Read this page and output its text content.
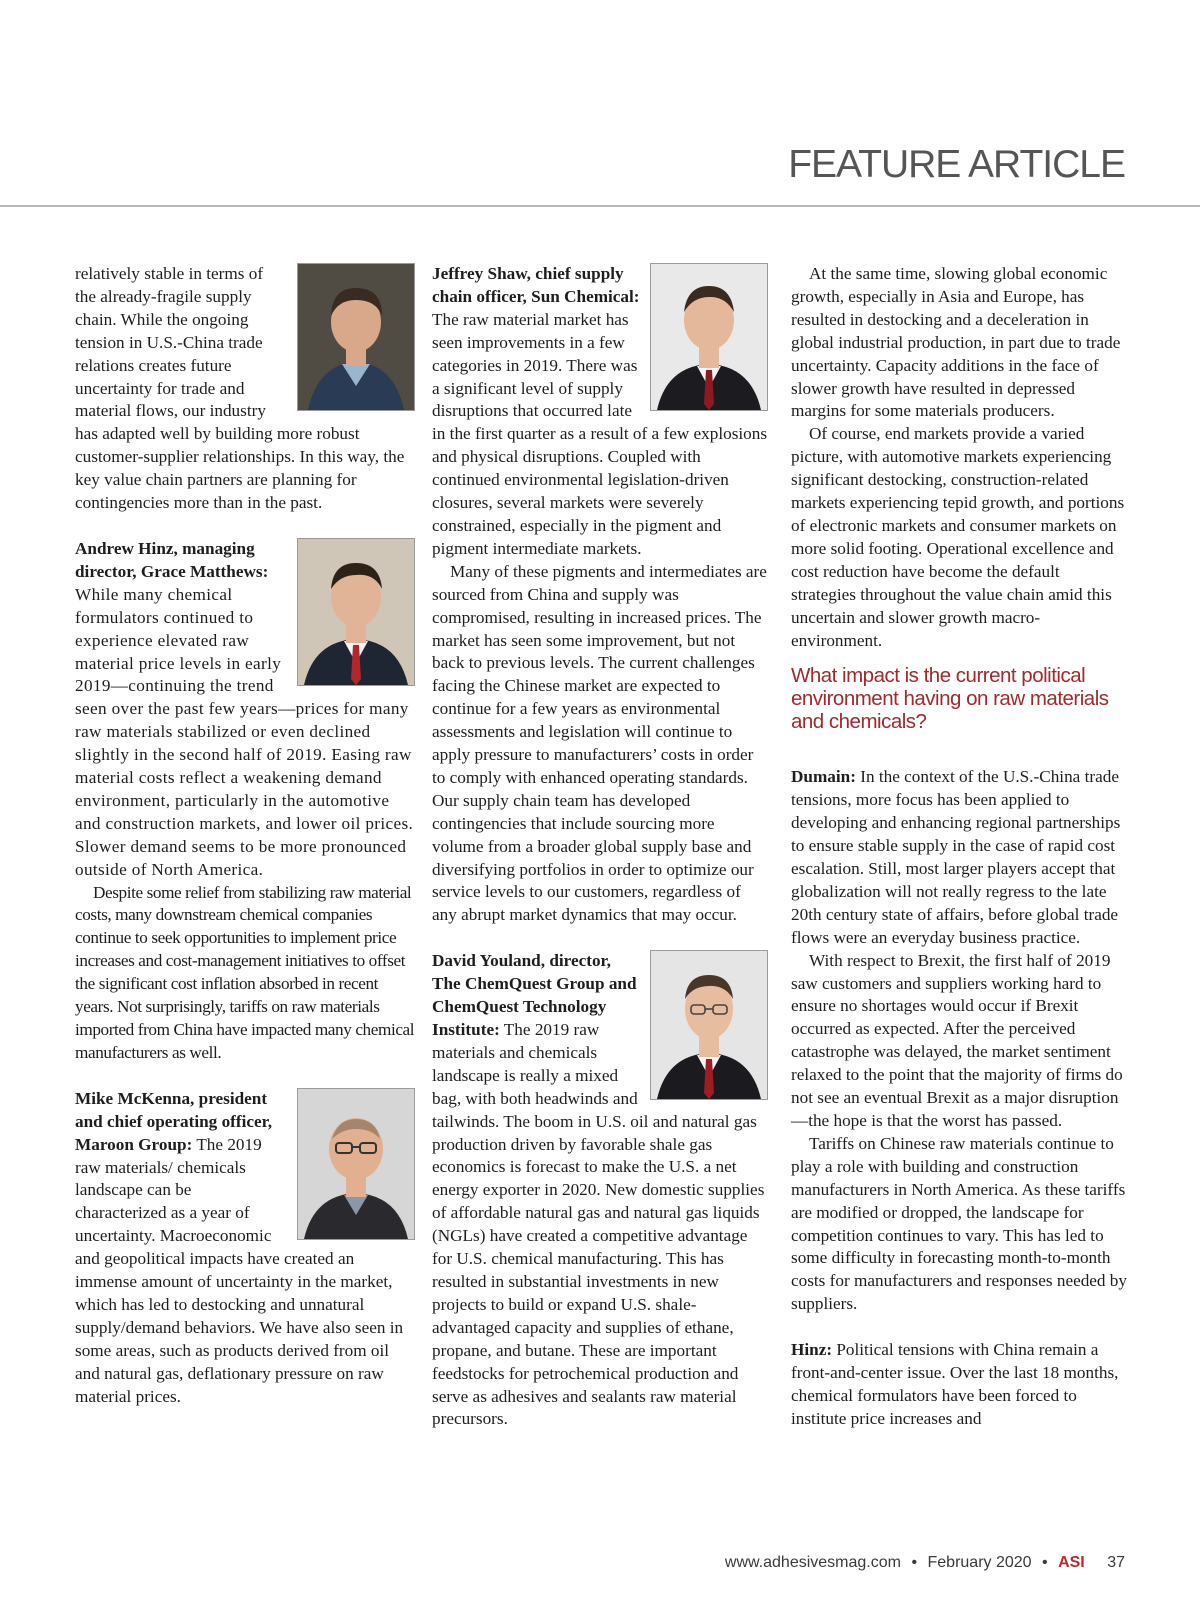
FEATURE ARTICLE

relatively stable in terms of the already-fragile supply chain. While the ongoing tension in U.S.-China trade relations creates future uncertainty for trade and material flows, our industry has adapted well by building more robust customer-supplier relationships. In this way, the key value chain partners are planning for contingencies more than in the past.

Andrew Hinz, managing director, Grace Matthews: While many chemical formulators continued to experience elevated raw material price levels in early 2019—continuing the trend seen over the past few years—prices for many raw materials stabilized or even declined slightly in the second half of 2019. Easing raw material costs reflect a weakening demand environment, particularly in the automotive and construction markets, and lower oil prices. Slower demand seems to be more pronounced outside of North America.

Despite some relief from stabilizing raw material costs, many downstream chemical companies continue to seek opportunities to implement price increases and cost-management initiatives to offset the significant cost inflation absorbed in recent years. Not surprisingly, tariffs on raw materials imported from China have impacted many chemical manufacturers as well.

Mike McKenna, president and chief operating officer, Maroon Group: The 2019 raw materials/ chemicals landscape can be characterized as a year of uncertainty. Macroeconomic and geopolitical impacts have created an immense amount of uncertainty in the market, which has led to destocking and unnatural supply/demand behaviors. We have also seen in some areas, such as products derived from oil and natural gas, deflationary pressure on raw material prices.

Jeffrey Shaw, chief supply chain officer, Sun Chemical: The raw material market has seen improvements in a few categories in 2019. There was a significant level of supply disruptions that occurred late in the first quarter as a result of a few explosions and physical disruptions. Coupled with continued environmental legislation-driven closures, several markets were severely constrained, especially in the pigment and pigment intermediate markets.

Many of these pigments and intermediates are sourced from China and supply was compromised, resulting in increased prices. The market has seen some improvement, but not back to previous levels. The current challenges facing the Chinese market are expected to continue for a few years as environmental assessments and legislation will continue to apply pressure to manufacturers’ costs in order to comply with enhanced operating standards. Our supply chain team has developed contingencies that include sourcing more volume from a broader global supply base and diversifying portfolios in order to optimize our service levels to our customers, regardless of any abrupt market dynamics that may occur.

David Youland, director, The ChemQuest Group and ChemQuest Technology Institute: The 2019 raw materials and chemicals landscape is really a mixed bag, with both headwinds and tailwinds. The boom in U.S. oil and natural gas production driven by favorable shale gas economics is forecast to make the U.S. a net energy exporter in 2020. New domestic supplies of affordable natural gas and natural gas liquids (NGLs) have created a competitive advantage for U.S. chemical manufacturing. This has resulted in substantial investments in new projects to build or expand U.S. shale-advantaged capacity and supplies of ethane, propane, and butane. These are important feedstocks for petrochemical production and serve as adhesives and sealants raw material precursors.

At the same time, slowing global economic growth, especially in Asia and Europe, has resulted in destocking and a deceleration in global industrial production, in part due to trade uncertainty. Capacity additions in the face of slower growth have resulted in depressed margins for some materials producers.

Of course, end markets provide a varied picture, with automotive markets experiencing significant destocking, construction-related markets experiencing tepid growth, and portions of electronic markets and consumer markets on more solid footing. Operational excellence and cost reduction have become the default strategies throughout the value chain amid this uncertain and slower growth macro-environment.

What impact is the current political environment having on raw materials and chemicals?

Dumain: In the context of the U.S.-China trade tensions, more focus has been applied to developing and enhancing regional partnerships to ensure stable supply in the case of rapid cost escalation. Still, most larger players accept that globalization will not really regress to the late 20th century state of affairs, before global trade flows were an everyday business practice.

With respect to Brexit, the first half of 2019 saw customers and suppliers working hard to ensure no shortages would occur if Brexit occurred as expected. After the perceived catastrophe was delayed, the market sentiment relaxed to the point that the majority of firms do not see an eventual Brexit as a major disruption—the hope is that the worst has passed.

Tariffs on Chinese raw materials continue to play a role with building and construction manufacturers in North America. As these tariffs are modified or dropped, the landscape for competition continues to vary. This has led to some difficulty in forecasting month-to-month costs for manufacturers and responses needed by suppliers.

Hinz: Political tensions with China remain a front-and-center issue. Over the last 18 months, chemical formulators have been forced to institute price increases and

www.adhesivesmag.com • February 2020 • ASI 37
